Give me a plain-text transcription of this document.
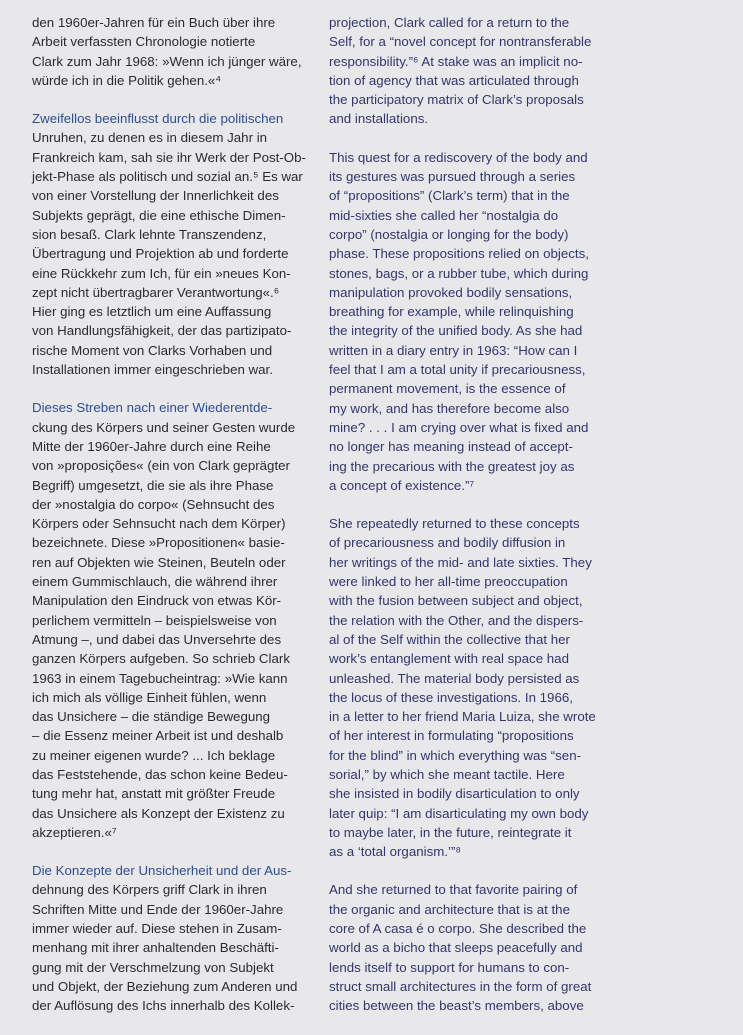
den 1960er-Jahren für ein Buch über ihre
Arbeit verfassten Chronologie notierte
Clark zum Jahr 1968: »Wenn ich jünger wäre,
würde ich in die Politik gehen.«⁴
Zweifellos beeinflusst durch die politischen
Unruhen, zu denen es in diesem Jahr in
Frankreich kam, sah sie ihr Werk der Post-Ob-
jekt-Phase als politisch und sozial an.⁵ Es war
von einer Vorstellung der Innerlichkeit des
Subjekts geprägt, die eine ethische Dimen-
sion besaß. Clark lehnte Transzendenz,
Übertragung und Projektion ab und forderte
eine Rückkehr zum Ich, für ein »neues Kon-
zept nicht übertragbarer Verantwortung«.⁶
Hier ging es letztlich um eine Auffassung
von Handlungsfähigkeit, der das partizipato-
rische Moment von Clarks Vorhaben und
Installationen immer eingeschrieben war.
Dieses Streben nach einer Wiederentde-
ckung des Körpers und seiner Gesten wurde
Mitte der 1960er-Jahre durch eine Reihe
von »proposições« (ein von Clark geprägter
Begriff) umgesetzt, die sie als ihre Phase
der »nostalgia do corpo« (Sehnsucht des
Körpers oder Sehnsucht nach dem Körper)
bezeichnete. Diese »Propositionen« basie-
ren auf Objekten wie Steinen, Beuteln oder
einem Gummischlauch, die während ihrer
Manipulation den Eindruck von etwas Kör-
perlichem vermitteln – beispielsweise von
Atmung –, und dabei das Unversehrte des
ganzen Körpers aufgeben. So schrieb Clark
1963 in einem Tagebucheintrag: »Wie kann
ich mich als völlige Einheit fühlen, wenn
das Unsichere – die ständige Bewegung
– die Essenz meiner Arbeit ist und deshalb
zu meiner eigenen wurde? ... Ich beklage
das Feststehende, das schon keine Bedeu-
tung mehr hat, anstatt mit größter Freude
das Unsichere als Konzept der Existenz zu
akzeptieren.«⁷
Die Konzepte der Unsicherheit und der Aus-
dehnung des Körpers griff Clark in ihren
Schriften Mitte und Ende der 1960er-Jahre
immer wieder auf. Diese stehen in Zusam-
menhang mit ihrer anhaltenden Beschäfti-
gung mit der Verschmelzung von Subjekt
und Objekt, der Beziehung zum Anderen und
der Auflösung des Ichs innerhalb des Kollek-
projection, Clark called for a return to the
Self, for a “novel concept for nontransferable
responsibility.”⁶ At stake was an implicit no-
tion of agency that was articulated through
the participatory matrix of Clark’s proposals
and installations.
This quest for a rediscovery of the body and
its gestures was pursued through a series
of “propositions” (Clark’s term) that in the
mid-sixties she called her “nostalgia do
corpo” (nostalgia or longing for the body)
phase. These propositions relied on objects,
stones, bags, or a rubber tube, which during
manipulation provoked bodily sensations,
breathing for example, while relinquishing
the integrity of the unified body. As she had
written in a diary entry in 1963: “How can I
feel that I am a total unity if precariousness,
permanent movement, is the essence of
my work, and has therefore become also
mine? . . . I am crying over what is fixed and
no longer has meaning instead of accept-
ing the precarious with the greatest joy as
a concept of existence.”⁷
She repeatedly returned to these concepts
of precariousness and bodily diffusion in
her writings of the mid- and late sixties. They
were linked to her all-time preoccupation
with the fusion between subject and object,
the relation with the Other, and the dispers-
al of the Self within the collective that her
work’s entanglement with real space had
unleashed. The material body persisted as
the locus of these investigations. In 1966,
in a letter to her friend Maria Luiza, she wrote
of her interest in formulating “propositions
for the blind” in which everything was “sen-
sorial,” by which she meant tactile. Here
she insisted in bodily disarticulation to only
later quip: “I am disarticulating my own body
to maybe later, in the future, reintegrate it
as a ‘total organism.’”⁸
And she returned to that favorite pairing of
the organic and architecture that is at the
core of A casa é o corpo. She described the
world as a bicho that sleeps peacefully and
lends itself to support for humans to con-
struct small architectures in the form of great
cities between the beast’s members, above
